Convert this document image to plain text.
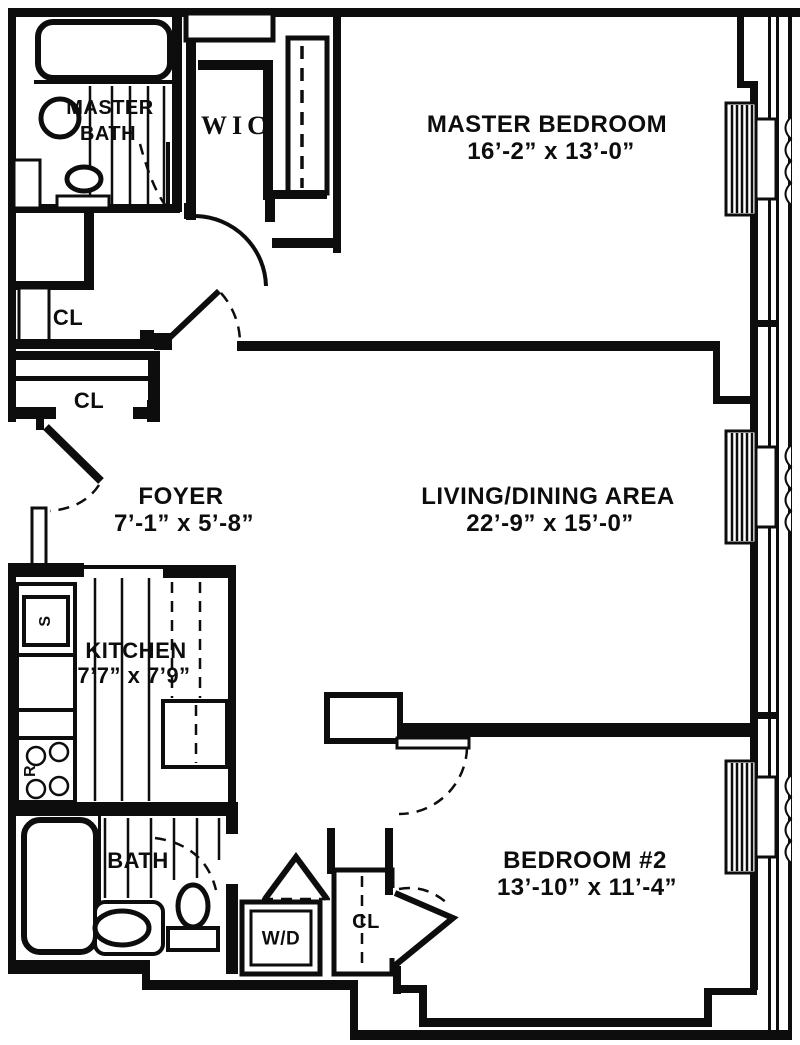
MASTER
BATH	WIC	MASTER BEDROOM
16’-2” x 13’-0”
CL
CL
FOYER
7’-1” x 5’-8”
LIVING/DINING AREA
22’-9” x 15’-0”
KITCHEN
7’7” x 7’9”
BATH
W/D
CL
BEDROOM #2
13’-10” x 11’-4”
S
R
